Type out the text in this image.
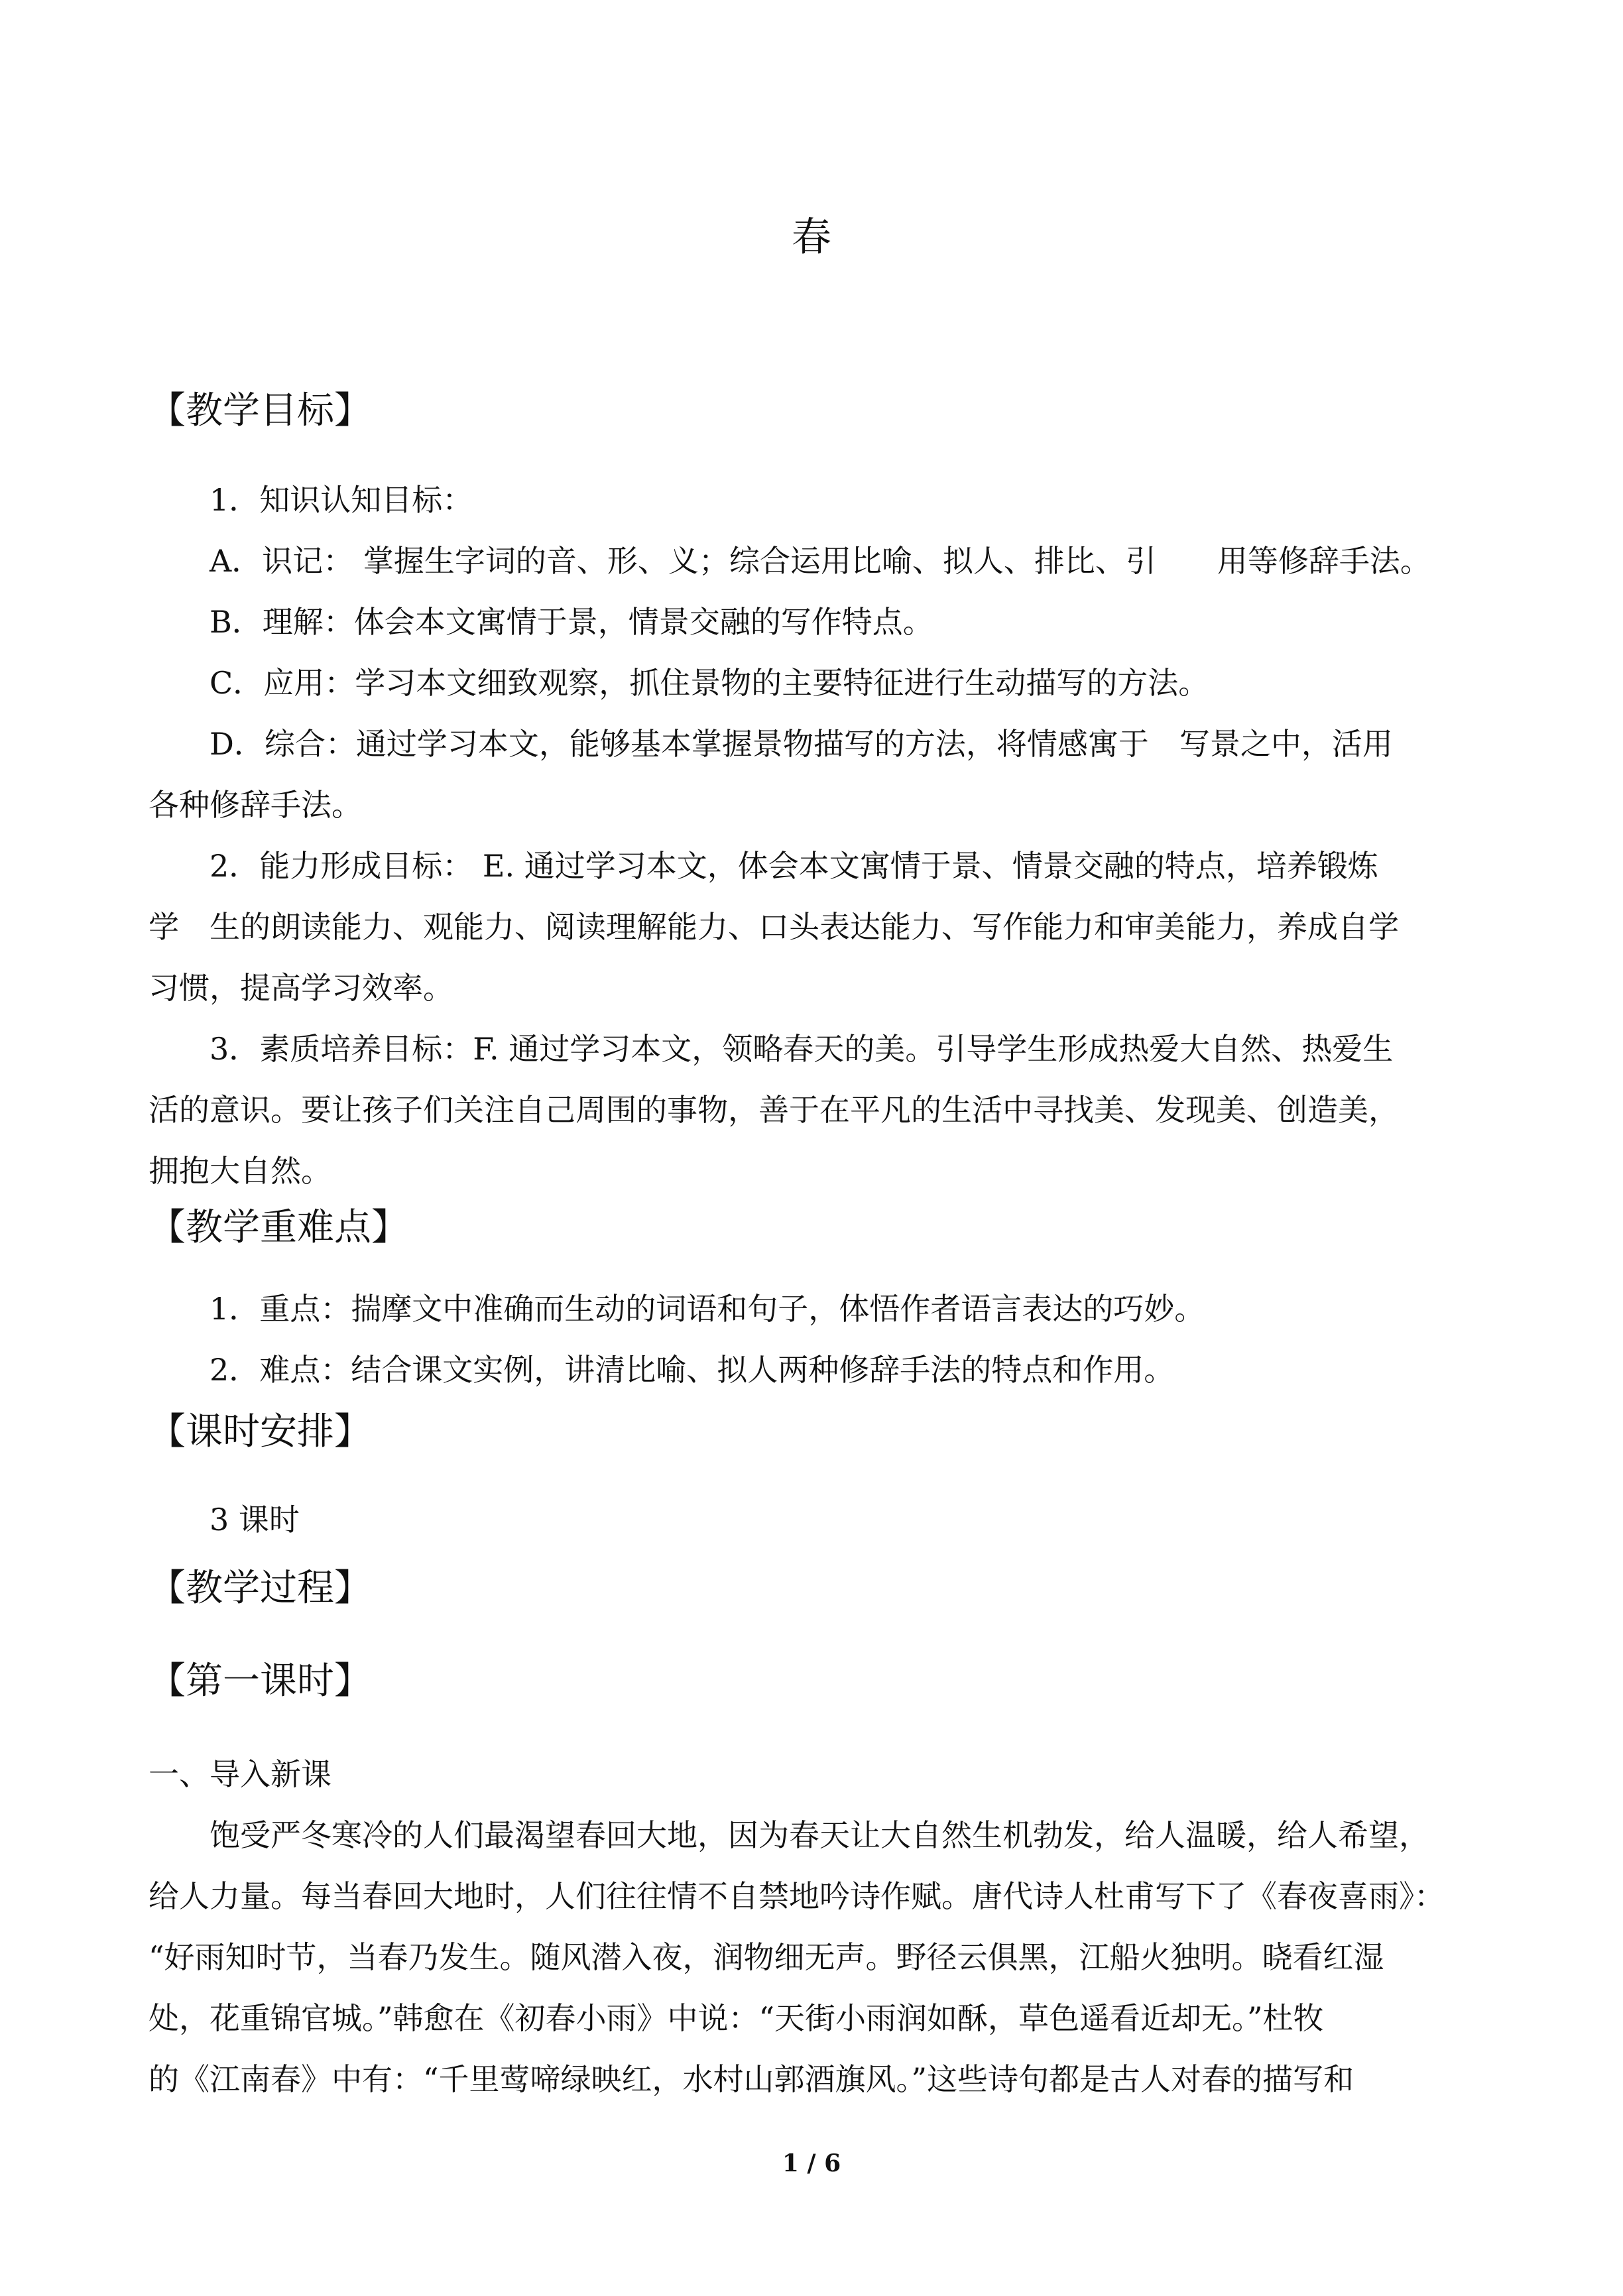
春
【教学目标】
1．知识认知目标：
A．识记： 掌握生字词的音、形、义；综合运用比喻、拟人、排比、引　　用等修辞手法。
B．理解：体会本文寓情于景，情景交融的写作特点。
C．应用：学习本文细致观察，抓住景物的主要特征进行生动描写的方法。
D．综合：通过学习本文，能够基本掌握景物描写的方法，将情感寓于　写景之中，活用
各种修辞手法。
2．能力形成目标： E. 通过学习本文，体会本文寓情于景、情景交融的特点，培养锻炼
学　生的朗读能力、观能力、阅读理解能力、口头表达能力、写作能力和审美能力，养成自学
习惯，提高学习效率。
3．素质培养目标：F. 通过学习本文，领略春天的美。引导学生形成热爱大自然、热爱生
活的意识。要让孩子们关注自己周围的事物，善于在平凡的生活中寻找美、发现美、创造美，
拥抱大自然。
【教学重难点】
1．重点：揣摩文中准确而生动的词语和句子，体悟作者语言表达的巧妙。
2．难点：结合课文实例，讲清比喻、拟人两种修辞手法的特点和作用。
【课时安排】
3 课时
【教学过程】
【第一课时】
一、导入新课
饱受严冬寒冷的人们最渴望春回大地，因为春天让大自然生机勃发，给人温暖，给人希望，
给人力量。每当春回大地时，人们往往情不自禁地吟诗作赋。唐代诗人杜甫写下了《春夜喜雨》：
“好雨知时节，当春乃发生。随风潜入夜，润物细无声。野径云俱黑，江船火独明。晓看红湿
处，花重锦官城。”韩愈在《初春小雨》中说：“天街小雨润如酥，草色遥看近却无。”杜牧
的《江南春》中有：“千里莺啼绿映红，水村山郭酒旗风。”这些诗句都是古人对春的描写和
1 / 6
